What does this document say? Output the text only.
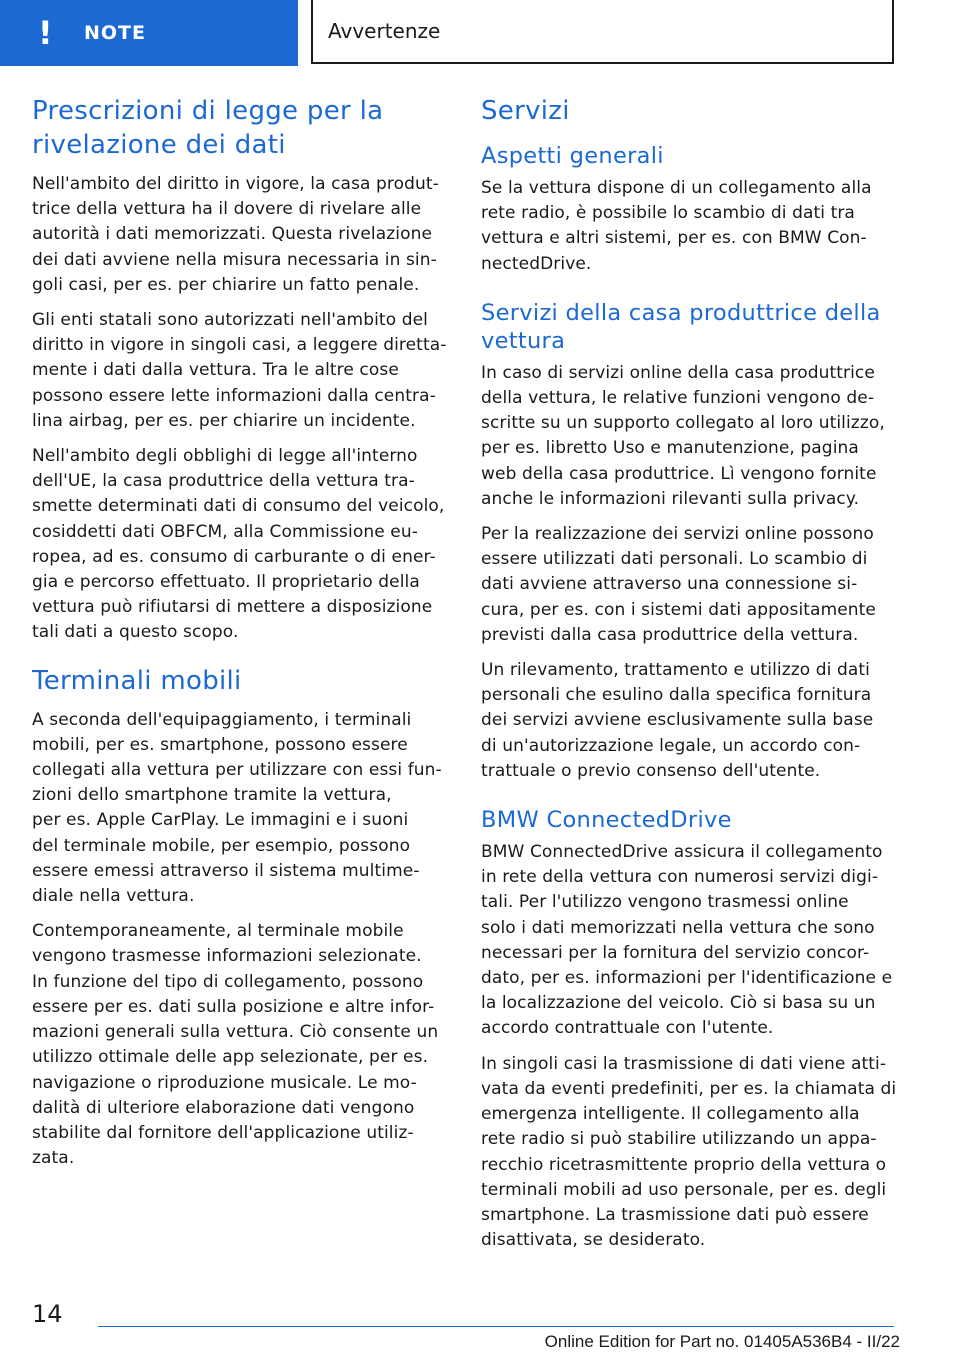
! NOTE	Avvertenze
Prescrizioni di legge per la
rivelazione dei dati

Nell'ambito del diritto in vigore, la casa produt-
trice della vettura ha il dovere di rivelare alle
autorità i dati memorizzati. Questa rivelazione
dei dati avviene nella misura necessaria in sin-
goli casi, per es. per chiarire un fatto penale.

Gli enti statali sono autorizzati nell'ambito del
diritto in vigore in singoli casi, a leggere diretta-
mente i dati dalla vettura. Tra le altre cose
possono essere lette informazioni dalla centra-
lina airbag, per es. per chiarire un incidente.

Nell'ambito degli obblighi di legge all'interno
dell'UE, la casa produttrice della vettura tra-
smette determinati dati di consumo del veicolo,
cosiddetti dati OBFCM, alla Commissione eu-
ropea, ad es. consumo di carburante o di ener-
gia e percorso effettuato. Il proprietario della
vettura può rifiutarsi di mettere a disposizione
tali dati a questo scopo.

Terminali mobili

A seconda dell'equipaggiamento, i terminali
mobili, per es. smartphone, possono essere
collegati alla vettura per utilizzare con essi fun-
zioni dello smartphone tramite la vettura,
per es. Apple CarPlay. Le immagini e i suoni
del terminale mobile, per esempio, possono
essere emessi attraverso il sistema multime-
diale nella vettura.

Contemporaneamente, al terminale mobile
vengono trasmesse informazioni selezionate.
In funzione del tipo di collegamento, possono
essere per es. dati sulla posizione e altre infor-
mazioni generali sulla vettura. Ciò consente un
utilizzo ottimale delle app selezionate, per es.
navigazione o riproduzione musicale. Le mo-
dalità di ulteriore elaborazione dati vengono
stabilite dal fornitore dell'applicazione utiliz-
zata.

Servizi
Aspetti generali

Se la vettura dispone di un collegamento alla
rete radio, è possibile lo scambio di dati tra
vettura e altri sistemi, per es. con BMW Con-
nectedDrive.

Servizi della casa produttrice della
vettura

In caso di servizi online della casa produttrice
della vettura, le relative funzioni vengono de-
scritte su un supporto collegato al loro utilizzo,
per es. libretto Uso e manutenzione, pagina
web della casa produttrice. Lì vengono fornite
anche le informazioni rilevanti sulla privacy.

Per la realizzazione dei servizi online possono
essere utilizzati dati personali. Lo scambio di
dati avviene attraverso una connessione si-
cura, per es. con i sistemi dati appositamente
previsti dalla casa produttrice della vettura.

Un rilevamento, trattamento e utilizzo di dati
personali che esulino dalla specifica fornitura
dei servizi avviene esclusivamente sulla base
di un'autorizzazione legale, un accordo con-
trattuale o previo consenso dell'utente.

BMW ConnectedDrive

BMW ConnectedDrive assicura il collegamento
in rete della vettura con numerosi servizi digi-
tali. Per l'utilizzo vengono trasmessi online
solo i dati memorizzati nella vettura che sono
necessari per la fornitura del servizio concor-
dato, per es. informazioni per l'identificazione e
la localizzazione del veicolo. Ciò si basa su un
accordo contrattuale con l'utente.

In singoli casi la trasmissione di dati viene atti-
vata da eventi predefiniti, per es. la chiamata di
emergenza intelligente. Il collegamento alla
rete radio si può stabilire utilizzando un appa-
recchio ricetrasmittente proprio della vettura o
terminali mobili ad uso personale, per es. degli
smartphone. La trasmissione dati può essere
disattivata, se desiderato.

14
Online Edition for Part no. 01405A536B4 - II/22
